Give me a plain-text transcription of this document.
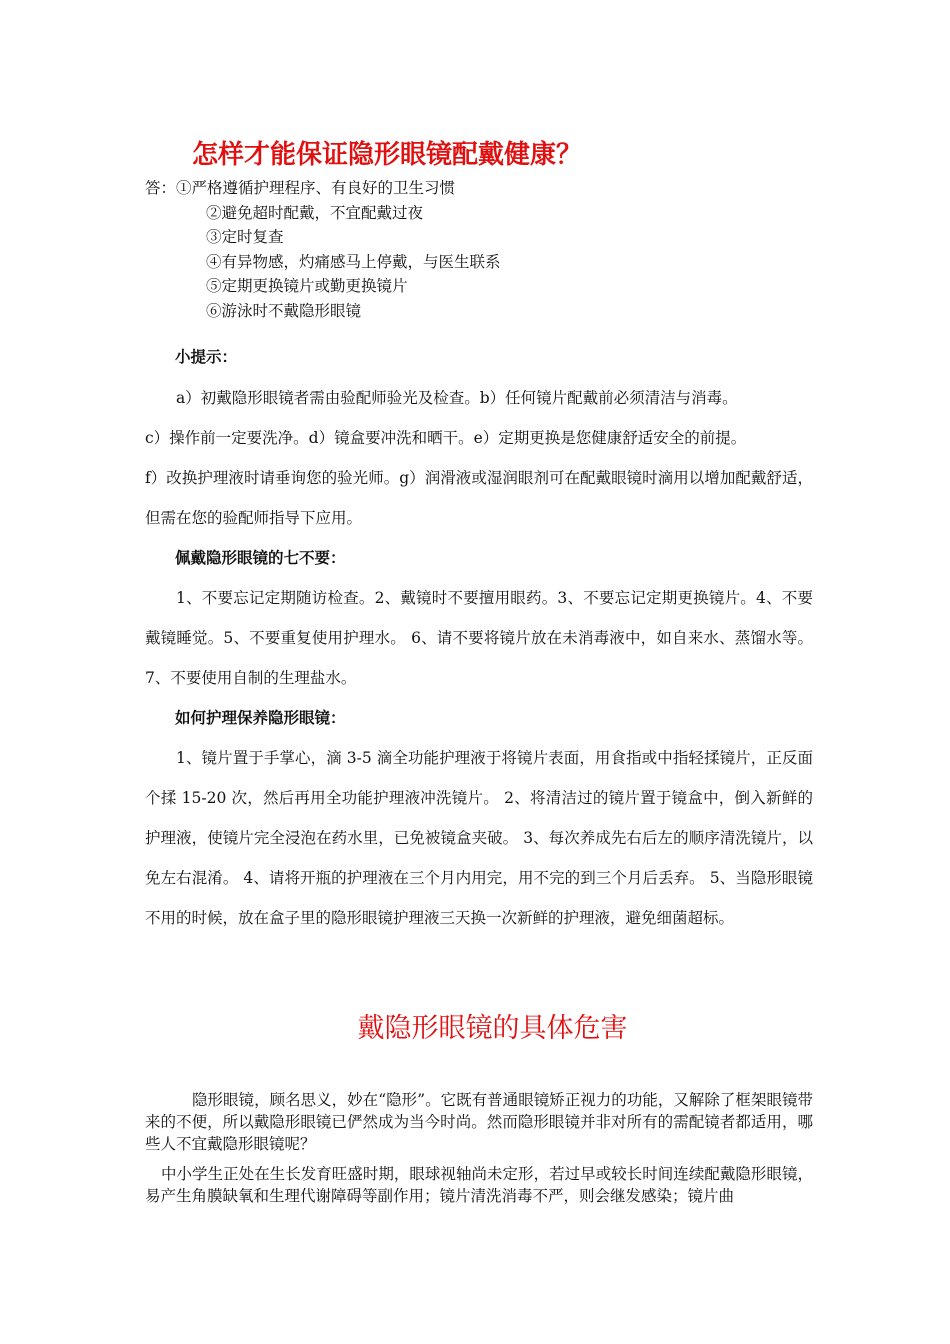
怎样才能保证隐形眼镜配戴健康？
答：①严格遵循护理程序、有良好的卫生习惯
②避免超时配戴，不宜配戴过夜
③定时复查
④有异物感，灼痛感马上停戴，与医生联系
⑤定期更换镜片或勤更换镜片
⑥游泳时不戴隐形眼镜
小提示：
a）初戴隐形眼镜者需由验配师验光及检查。b）任何镜片配戴前必须清洁与消毒。
c）操作前一定要洗净。d）镜盒要冲洗和晒干。e）定期更换是您健康舒适安全的前提。
f）改换护理液时请垂询您的验光师。g）润滑液或湿润眼剂可在配戴眼镜时滴用以增加配戴舒适，但需在您的验配师指导下应用。
佩戴隐形眼镜的七不要：
1、不要忘记定期随访检查。2、戴镜时不要擅用眼药。3、不要忘记定期更换镜片。4、不要戴镜睡觉。5、不要重复使用护理水。 6、请不要将镜片放在未消毒液中，如自来水、蒸馏水等。7、不要使用自制的生理盐水。
如何护理保养隐形眼镜：
1、镜片置于手掌心，滴 3-5 滴全功能护理液于将镜片表面，用食指或中指轻揉镜片，正反面个揉 15-20 次，然后再用全功能护理液冲洗镜片。 2、将清洁过的镜片置于镜盒中，倒入新鲜的护理液，使镜片完全浸泡在药水里，已免被镜盒夹破。 3、每次养成先右后左的顺序清洗镜片，以免左右混淆。 4、请将开瓶的护理液在三个月内用完，用不完的到三个月后丢弃。 5、当隐形眼镜不用的时候，放在盒子里的隐形眼镜护理液三天换一次新鲜的护理液，避免细菌超标。
戴隐形眼镜的具体危害
隐形眼镜，顾名思义，妙在“隐形”。它既有普通眼镜矫正视力的功能，又解除了框架眼镜带来的不便，所以戴隐形眼镜已俨然成为当今时尚。然而隐形眼镜并非对所有的需配镜者都适用，哪些人不宜戴隐形眼镜呢？
中小学生正处在生长发育旺盛时期，眼球视轴尚未定形，若过早或较长时间连续配戴隐形眼镜，易产生角膜缺氧和生理代谢障碍等副作用；镜片清洗消毒不严，则会继发感染；镜片曲
